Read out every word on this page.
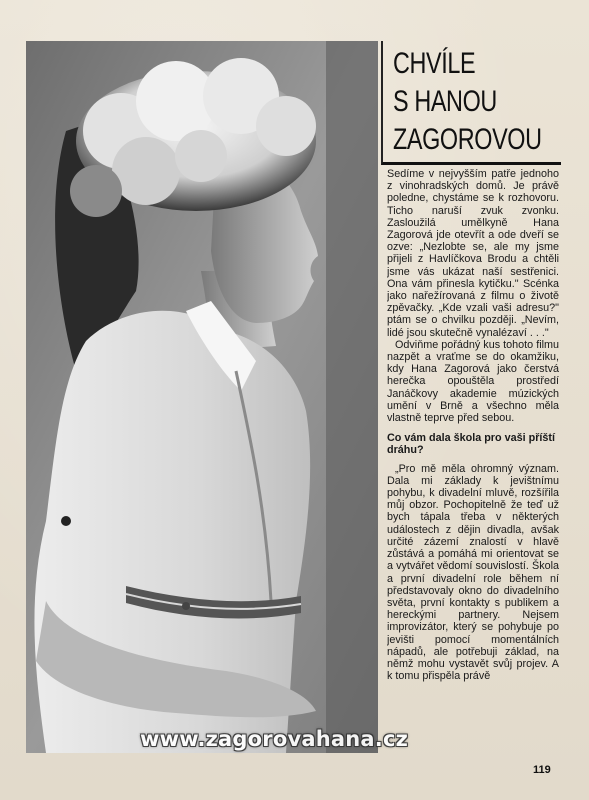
CHVÍLE
S HANOU
ZAGOROVOU

Sedíme v nejvyšším patře jednoho z vinohradských domů. Je právě poledne, chystáme se k rozhovoru. Ticho naruší zvuk zvonku. Zasloužilá umělkyně Hana Zagorová jde otevřít a ode dveří se ozve: „Nezlobte se, ale my jsme přijeli z Havlíčkova Brodu a chtěli jsme vás ukázat naší sestřenici. Ona vám přinesla kytičku." Scénka jako nařežírovaná z filmu o životě zpěvačky. „Kde vzali vaši adresu?" ptám se o chvilku později. „Nevím, lidé jsou skutečně vynalézaví . . ."

Odviňme pořádný kus tohoto filmu nazpět a vraťme se do okamžiku, kdy Hana Zagorová jako čerstvá herečka opouštěla prostředí Janáčkovy akademie múzických umění v Brně a všechno měla vlastně teprve před sebou.

Co vám dala škola pro vaši příští dráhu?

„Pro mě měla ohromný význam. Dala mi základy k jevištnímu pohybu, k divadelní mluvě, rozšířila můj obzor. Pochopitelně že teď už bych tápala třeba v některých událostech z dějin divadla, avšak určité zázemí znalostí v hlavě zůstává a pomáhá mi orientovat se a vytvářet vědomí souvislostí. Škola a první divadelní role během ní představovaly okno do divadelního světa, první kontakty s publikem a hereckými partnery. Nejsem improvizátor, který se pohybuje po jevišti pomocí momentálních nápadů, ale potřebuji základ, na němž mohu vystavět svůj projev. A k tomu přispěla právě

www.zagorovahana.cz
119
